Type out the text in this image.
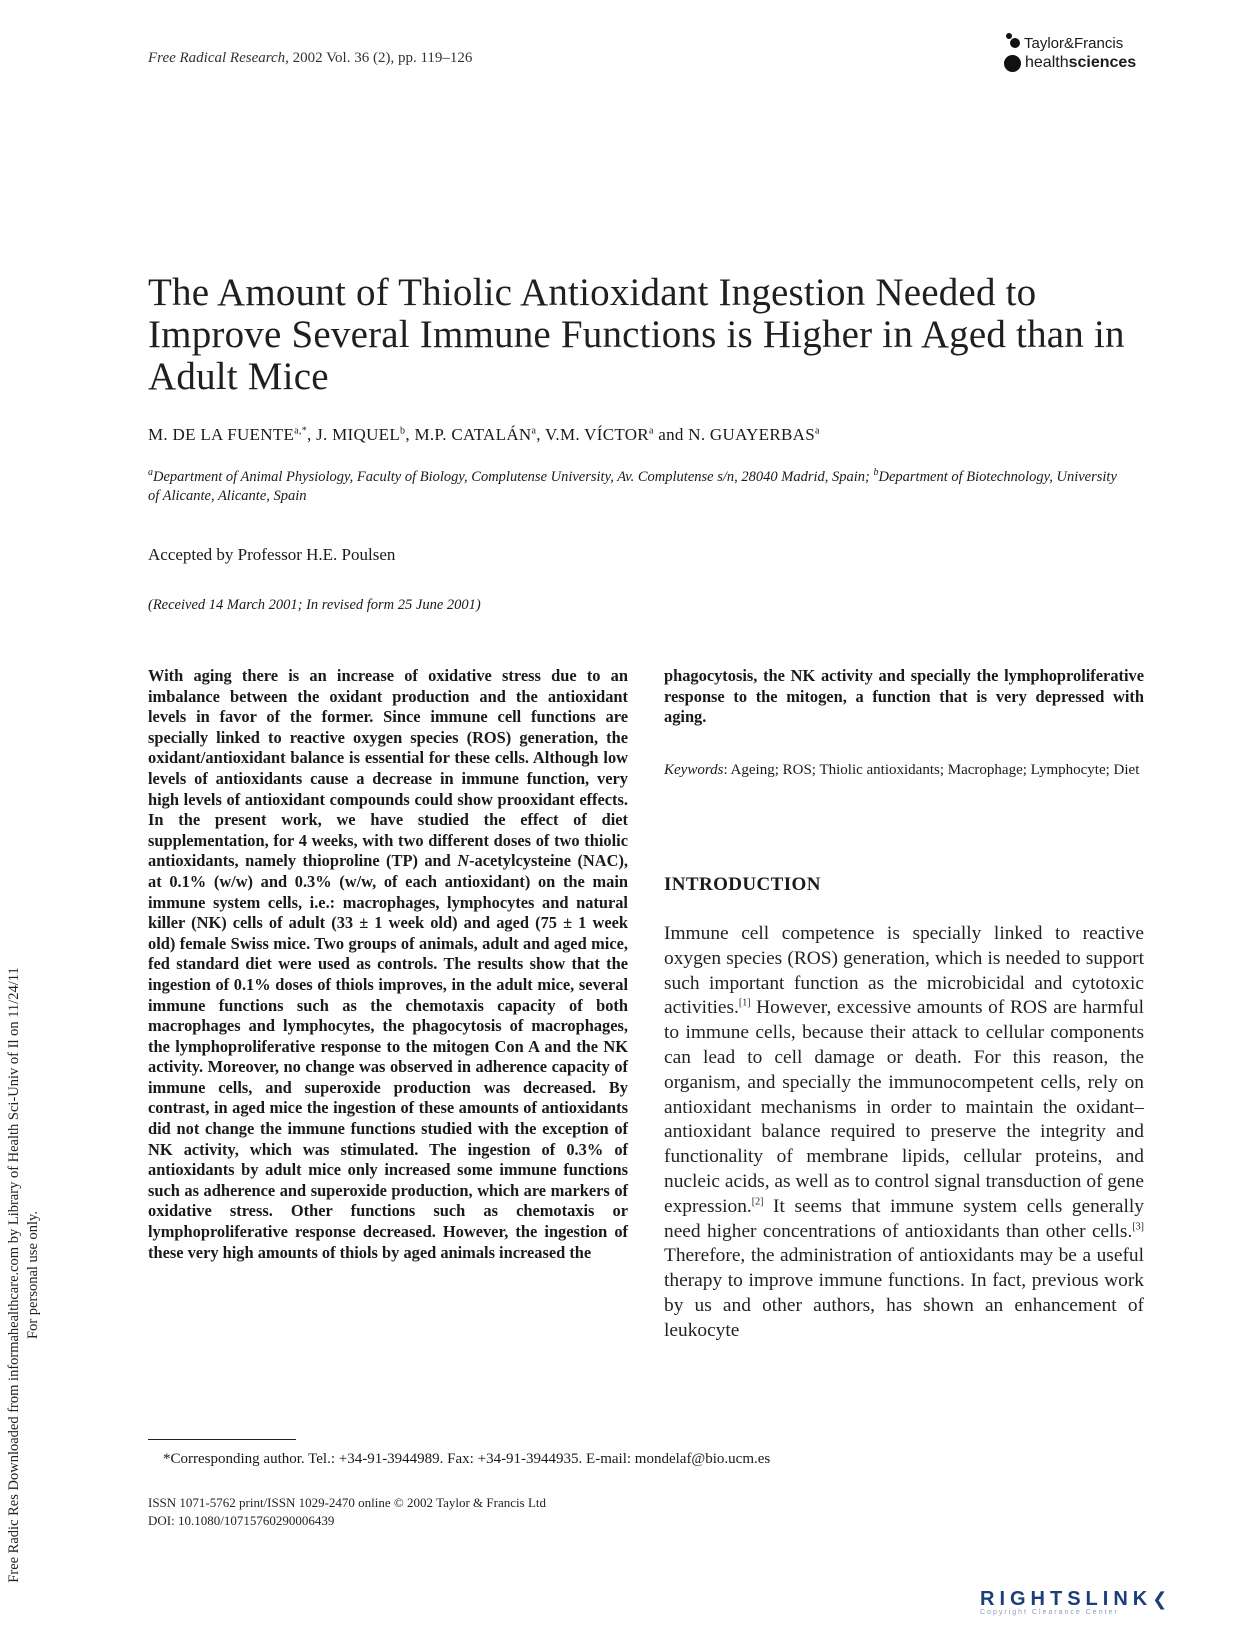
Free Radical Research, 2002 Vol. 36 (2), pp. 119–126
Taylor&Francis
health sciences
Free Radic Res Downloaded from informahealthcare.com by Library of Health Sci-Univ of Il on 11/24/11 For personal use only.
The Amount of Thiolic Antioxidant Ingestion Needed to Improve Several Immune Functions is Higher in Aged than in Adult Mice
M. DE LA $FUENTE^{a,*}$, J. MIQUEL$^b$, M.P. CATALÁN$^a$, V.M. VÍCTOR$^a$ and N. GUAYERBAS$^a$
$^a$Department of Animal Physiology, Faculty of Biology, Complutense University, Av. Complutense s/n, 28040 Madrid, Spain; $^b$Department of Biotechnology, University of Alicante, Alicante, Spain
Accepted by Professor H.E. Poulsen
(Received 14 March 2001; In revised form 25 June 2001)
With aging there is an increase of oxidative stress due to an imbalance between the oxidant production and the antioxidant levels in favor of the former. Since immune cell functions are specially linked to reactive oxygen species (ROS) generation, the oxidant/antioxidant balance is essential for these cells. Although low levels of antioxidants cause a decrease in immune function, very high levels of antioxidant compounds could show prooxidant effects. In the present work, we have studied the effect of diet supplementation, for 4 weeks, with two different doses of two thiolic antioxidants, namely thioproline (TP) and N-acetylcysteine (NAC), at 0.1% (w/w) and 0.3% (w/w, of each antioxidant) on the main immune system cells, i.e.: macrophages, lymphocytes and natural killer (NK) cells of adult (33 ± 1 week old) and aged (75 ± 1 week old) female Swiss mice. Two groups of animals, adult and aged mice, fed standard diet were used as controls. The results show that the ingestion of 0.1% doses of thiols improves, in the adult mice, several immune functions such as the chemotaxis capacity of both macrophages and lymphocytes, the phagocytosis of macrophages, the lymphoproliferative response to the mitogen Con A and the NK activity. Moreover, no change was observed in adherence capacity of immune cells, and superoxide production was decreased. By contrast, in aged mice the ingestion of these amounts of antioxidants did not change the immune functions studied with the exception of NK activity, which was stimulated. The ingestion of 0.3% of antioxidants by adult mice only increased some immune functions such as adherence and superoxide production, which are markers of oxidative stress. Other functions such as chemotaxis or lymphoproliferative response decreased. However, the ingestion of these very high amounts of thiols by aged animals increased the
phagocytosis, the NK activity and specially the lymphoproliferative response to the mitogen, a function that is very depressed with aging.
Keywords: Ageing; ROS; Thiolic antioxidants; Macrophage; Lymphocyte; Diet
INTRODUCTION
Immune cell competence is specially linked to reactive oxygen species (ROS) generation, which is needed to support such important function as the microbicidal and cytotoxic activities.[1] However, excessive amounts of ROS are harmful to immune cells, because their attack to cellular components can lead to cell damage or death. For this reason, the organism, and specially the immunocompetent cells, rely on antioxidant mechanisms in order to maintain the oxidant–antioxidant balance required to preserve the integrity and functionality of membrane lipids, cellular proteins, and nucleic acids, as well as to control signal transduction of gene expression.[2] It seems that immune system cells generally need higher concentrations of antioxidants than other cells.[3] Therefore, the administration of antioxidants may be a useful therapy to improve immune functions. In fact, previous work by us and other authors, has shown an enhancement of leukocyte
*Corresponding author. Tel.: +34-91-3944989. Fax: +34-91-3944935. E-mail: mondelaf@bio.ucm.es
ISSN 1071-5762 print/ISSN 1029-2470 online © 2002 Taylor & Francis Ltd
DOI: 10.1080/10715760290006439
RIGHTSLINK❮
Copyright Clearance Center
